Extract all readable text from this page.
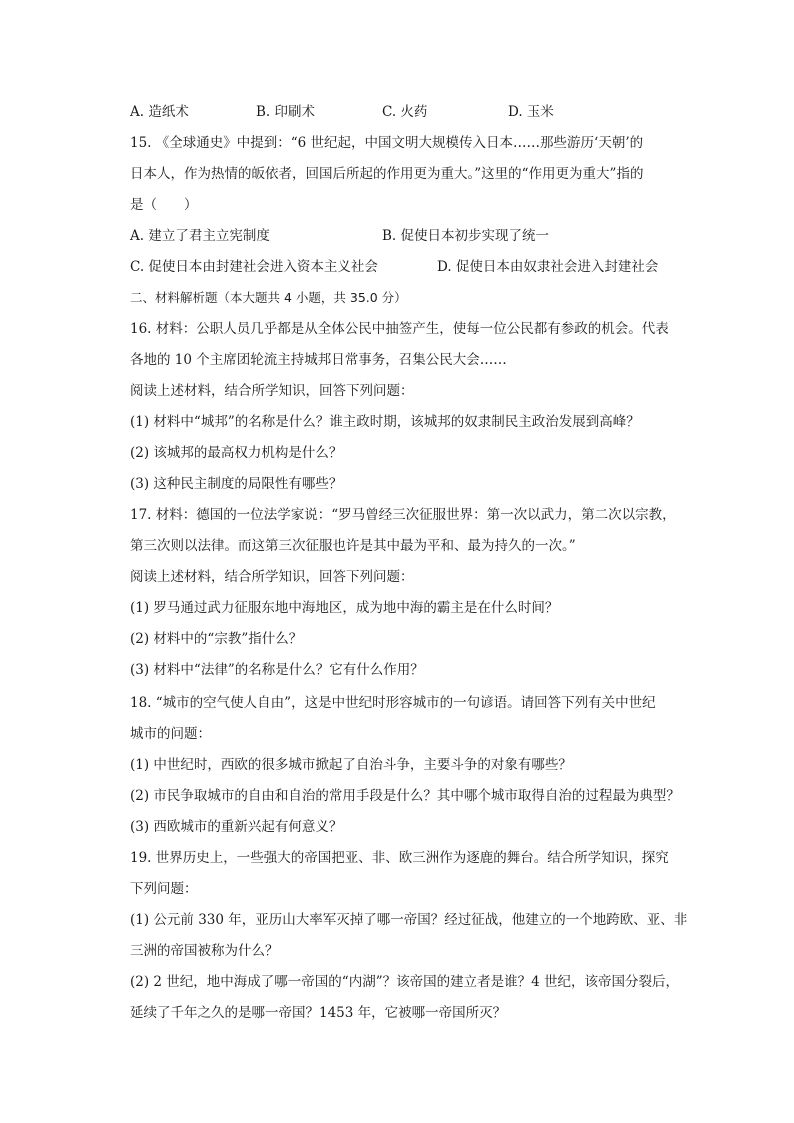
A. 造纸术	B. 印刷术	C. 火药	D. 玉米
15. 《全球通史》中提到：“6 世纪起，中国文明大规模传入日本……那些游历‘天朝’的
日本人，作为热情的皈依者，回国后所起的作用更为重大。”这里的“作用更为重大”指的
是（　　）
A. 建立了君主立宪制度	B. 促使日本初步实现了统一
C. 促使日本由封建社会进入资本主义社会	D. 促使日本由奴隶社会进入封建社会
二、材料解析题（本大题共 4 小题，共 35.0 分）
16. 材料：公职人员几乎都是从全体公民中抽签产生，使每一位公民都有参政的机会。代表
各地的 10 个主席团轮流主持城邦日常事务，召集公民大会……
阅读上述材料，结合所学知识，回答下列问题：
(1) 材料中“城邦”的名称是什么？谁主政时期，该城邦的奴隶制民主政治发展到高峰？
(2) 该城邦的最高权力机构是什么？
(3) 这种民主制度的局限性有哪些？
17. 材料：德国的一位法学家说：“罗马曾经三次征服世界：第一次以武力，第二次以宗教，
第三次则以法律。而这第三次征服也许是其中最为平和、最为持久的一次。”
阅读上述材料，结合所学知识，回答下列问题：
(1) 罗马通过武力征服东地中海地区，成为地中海的霸主是在什么时间？
(2) 材料中的“宗教”指什么？
(3) 材料中“法律”的名称是什么？它有什么作用？
18. “城市的空气使人自由”，这是中世纪时形容城市的一句谚语。请回答下列有关中世纪
城市的问题：
(1) 中世纪时，西欧的很多城市掀起了自治斗争，主要斗争的对象有哪些？
(2) 市民争取城市的自由和自治的常用手段是什么？其中哪个城市取得自治的过程最为典型？
(3) 西欧城市的重新兴起有何意义？
19. 世界历史上，一些强大的帝国把亚、非、欧三洲作为逐鹿的舞台。结合所学知识，探究
下列问题：
(1) 公元前 330 年，亚历山大率军灭掉了哪一帝国？经过征战，他建立的一个地跨欧、亚、非
三洲的帝国被称为什么？
(2) 2 世纪，地中海成了哪一帝国的“内湖”？该帝国的建立者是谁？4 世纪，该帝国分裂后，
延续了千年之久的是哪一帝国？1453 年，它被哪一帝国所灭？
